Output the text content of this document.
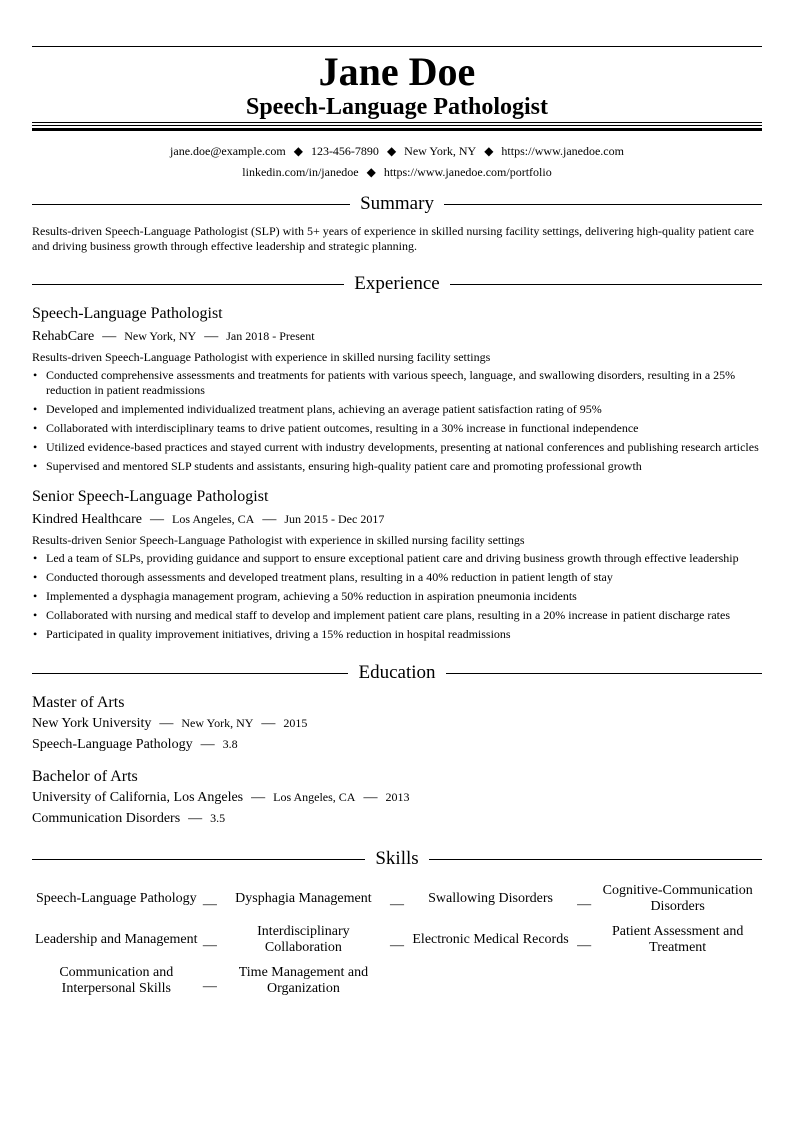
Jane Doe
Speech-Language Pathologist
jane.doe@example.com ◆ 123-456-7890 ◆ New York, NY ◆ https://www.janedoe.com
linkedin.com/in/janedoe ◆ https://www.janedoe.com/portfolio
Summary
Results-driven Speech-Language Pathologist (SLP) with 5+ years of experience in skilled nursing facility settings, delivering high-quality patient care and driving business growth through effective leadership and strategic planning.
Experience
Speech-Language Pathologist
RehabCare — New York, NY — Jan 2018 - Present
Results-driven Speech-Language Pathologist with experience in skilled nursing facility settings
• Conducted comprehensive assessments and treatments for patients with various speech, language, and swallowing disorders, resulting in a 25% reduction in patient readmissions
• Developed and implemented individualized treatment plans, achieving an average patient satisfaction rating of 95%
• Collaborated with interdisciplinary teams to drive patient outcomes, resulting in a 30% increase in functional independence
• Utilized evidence-based practices and stayed current with industry developments, presenting at national conferences and publishing research articles
• Supervised and mentored SLP students and assistants, ensuring high-quality patient care and promoting professional growth
Senior Speech-Language Pathologist
Kindred Healthcare — Los Angeles, CA — Jun 2015 - Dec 2017
Results-driven Senior Speech-Language Pathologist with experience in skilled nursing facility settings
• Led a team of SLPs, providing guidance and support to ensure exceptional patient care and driving business growth through effective leadership
• Conducted thorough assessments and developed treatment plans, resulting in a 40% reduction in patient length of stay
• Implemented a dysphagia management program, achieving a 50% reduction in aspiration pneumonia incidents
• Collaborated with nursing and medical staff to develop and implement patient care plans, resulting in a 20% increase in patient discharge rates
• Participated in quality improvement initiatives, driving a 15% reduction in hospital readmissions
Education
Master of Arts
New York University — New York, NY — 2015
Speech-Language Pathology — 3.8
Bachelor of Arts
University of California, Los Angeles — Los Angeles, CA — 2013
Communication Disorders — 3.5
Skills
Speech-Language Pathology	—	Dysphagia Management	—	Swallowing Disorders	—	Cognitive-Communication Disorders
Leadership and Management	—	Interdisciplinary Collaboration	—	Electronic Medical Records	—	Patient Assessment and Treatment
Communication and Interpersonal Skills	—	Time Management and Organization				
